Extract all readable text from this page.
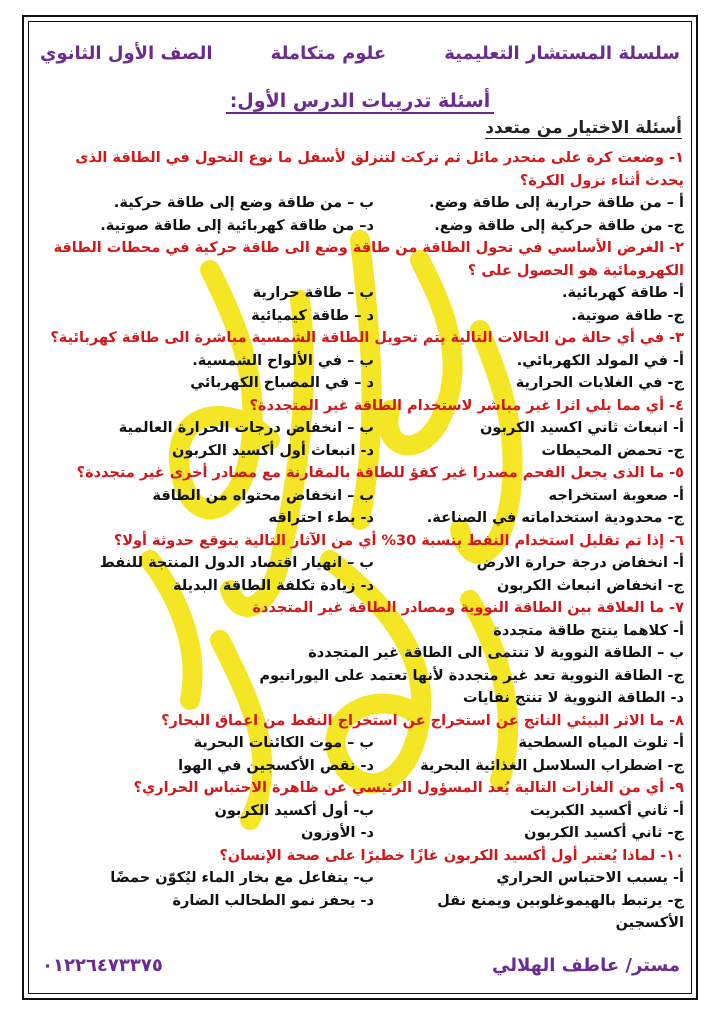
سلسلة المستشار التعليمية
علوم متكاملة
الصف الأول الثانوي
أسئلة تدريبات الدرس الأول:
أسئلة الاختيار من متعدد
١- وضعت كرة على منحدر مائل ثم تركت لتنزلق لأسفل ما نوع التحول في الطاقة الذى يحدث أثناء نزول الكرة؟
أ – من طاقة حرارية إلى طاقة وضع.
ب – من طاقة وضع إلى طاقة حركية.
ج- من طاقة حركية إلى طاقة وضع.
د– من طاقة كهربائية إلى طاقة صوتية.
٢- الغرض الأساسي في تحول الطاقة من طاقة وضع الى طاقة حركية في محطات الطاقة الكهرومائية هو الحصول على ؟
أ- طاقة كهربائية.
ب – طاقة حرارية
ج- طاقة صوتية.
د – طاقة كيميائية
٣- في أي حالة من الحالات التالية يتم تحويل الطاقة الشمسية مباشرة الى طاقة كهربائية؟
أ- في المولد الكهربائي.
ب – في الألواح الشمسية.
ج- في الغلايات الحرارية
د – في المصباح الكهربائي
٤- أي مما يلي اثرا غير مباشر لاستخدام الطاقة غير المتجددة؟
أ- انبعاث ثاني اكسيد الكربون
ب – انخفاض درجات الحرارة العالمية
ج- تحمض المحيطات
د- انبعاث أول أكسيد الكربون
٥- ما الذى يجعل الفحم مصدرا غير كفؤ للطاقة بالمقارنة مع مصادر أخرى غير متجددة؟
أ- صعوبة استخراجه
ب – انخفاض محتواه من الطاقة
ج- محدودية استخداماته في الصناعة.
د- بطء احتراقه
٦- إذا تم تقليل استخدام النفط بنسبة 30% أي من الآثار التالية يتوقع حدوثة أولا؟
أ- انخفاض درجة حرارة الارض
ب – انهيار اقتصاد الدول المنتجة للنفط
ج- انخفاض انبعاث الكربون
د- زيادة تكلفة الطاقة البديلة
٧- ما العلاقة بين الطاقة النووية ومصادر الطاقة غير المتجددة
أ- كلاهما ينتج طاقة متجددة
ب – الطاقة النووية لا تنتمى الى الطاقة غير المتجددة
ج- الطاقة النووية تعد غير متجددة لأنها تعتمد على اليورانيوم
د- الطاقة النووية لا تنتج نفايات
٨- ما الاثر البيئي الناتج عن استخراج عن استخراج النفط من اعماق البحار؟
أ- تلوث المياه السطحية
ب – موت الكائنات البحرية
ج- اضطراب السلاسل الغذائية البحرية
د- نقص الأكسجين في الهوا
٩- أي من الغازات التالية يُعد المسؤول الرئيسي عن ظاهرة الاحتباس الحراري؟
أ- ثاني أكسيد الكبريت
ب- أول أكسيد الكربون
ج- ثاني أكسيد الكربون
د- الأوزون
١٠- لماذا يُعتبر أول أكسيد الكربون غازًا خطيرًا على صحة الإنسان؟
أ- يسبب الاحتباس الحراري
ب- يتفاعل مع بخار الماء ليُكوّن حمضًا
ج- يرتبط بالهيموغلوبين ويمنع نقل الأكسجين
د- يحفز نمو الطحالب الضارة
مستر/ عاطف الهلالي
٠١٢٢٦٤٧٣٣٧٥
